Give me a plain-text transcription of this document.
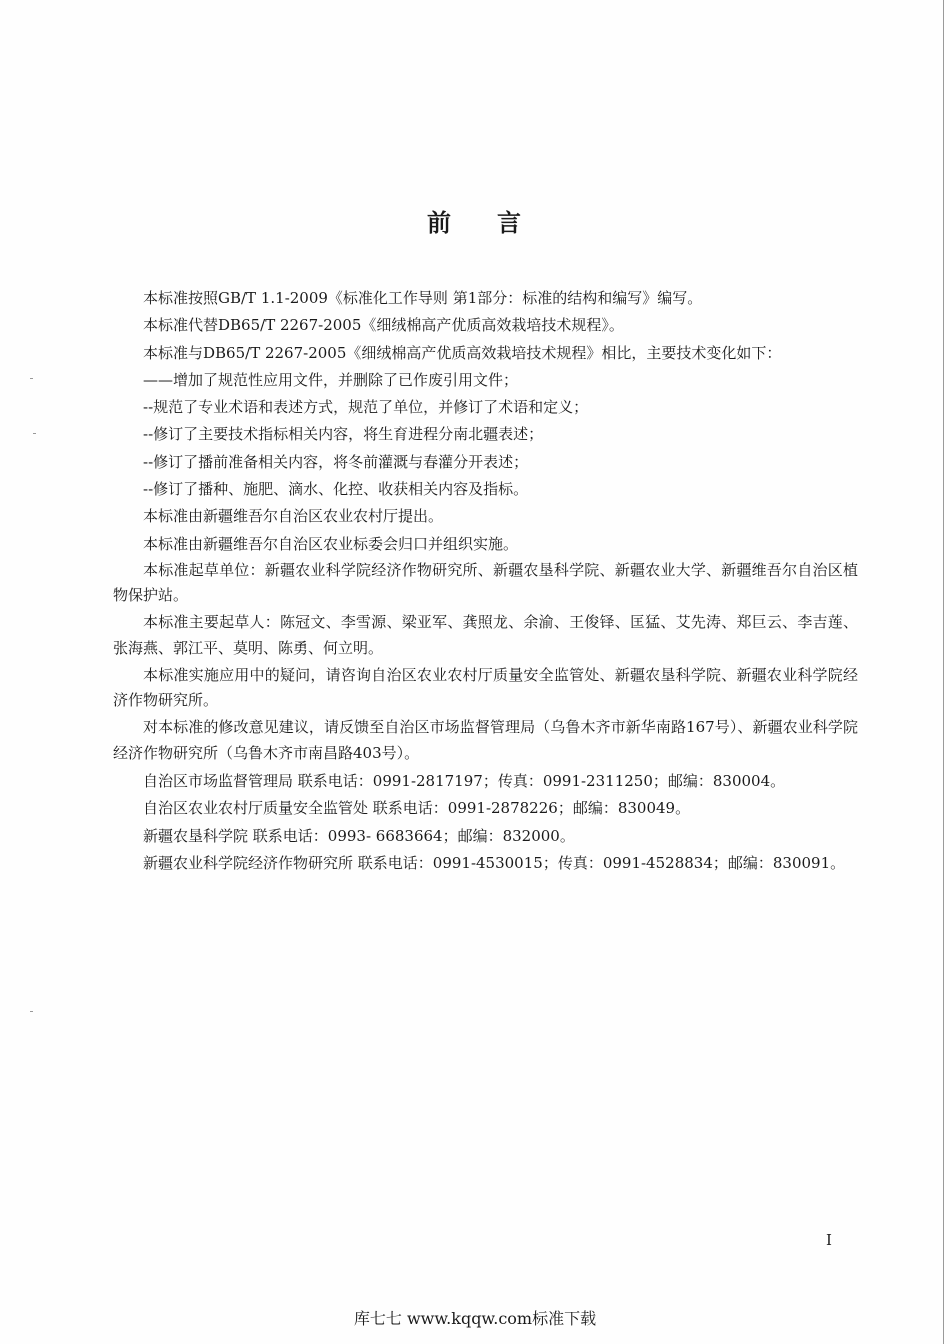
前 言

本标准按照GB/T 1.1-2009《标准化工作导则 第1部分：标准的结构和编写》编写。

本标准代替DB65/T 2267-2005《细绒棉高产优质高效栽培技术规程》。

本标准与DB65/T 2267-2005《细绒棉高产优质高效栽培技术规程》相比，主要技术变化如下：

——增加了规范性应用文件，并删除了已作废引用文件；

--规范了专业术语和表述方式，规范了单位，并修订了术语和定义；

--修订了主要技术指标相关内容，将生育进程分南北疆表述；

--修订了播前准备相关内容，将冬前灌溉与春灌分开表述；

--修订了播种、施肥、滴水、化控、收获相关内容及指标。

本标准由新疆维吾尔自治区农业农村厅提出。

本标准由新疆维吾尔自治区农业标委会归口并组织实施。

本标准起草单位：新疆农业科学院经济作物研究所、新疆农垦科学院、新疆农业大学、新疆维吾尔自治区植物保护站。

本标准主要起草人：陈冠文、李雪源、梁亚军、龚照龙、余渝、王俊铎、匡猛、艾先涛、郑巨云、李吉莲、张海燕、郭江平、莫明、陈勇、何立明。

本标准实施应用中的疑问，请咨询自治区农业农村厅质量安全监管处、新疆农垦科学院、新疆农业科学院经济作物研究所。

对本标准的修改意见建议，请反馈至自治区市场监督管理局（乌鲁木齐市新华南路167号）、新疆农业科学院经济作物研究所（乌鲁木齐市南昌路403号）。

自治区市场监督管理局 联系电话：0991-2817197；传真：0991-2311250；邮编：830004。

自治区农业农村厅质量安全监管处 联系电话：0991-2878226；邮编：830049。

新疆农垦科学院 联系电话：0993- 6683664；邮编：832000。

新疆农业科学院经济作物研究所 联系电话：0991-4530015；传真：0991-4528834；邮编：830091。

I
库七七 www.kqqw.com标准下载
